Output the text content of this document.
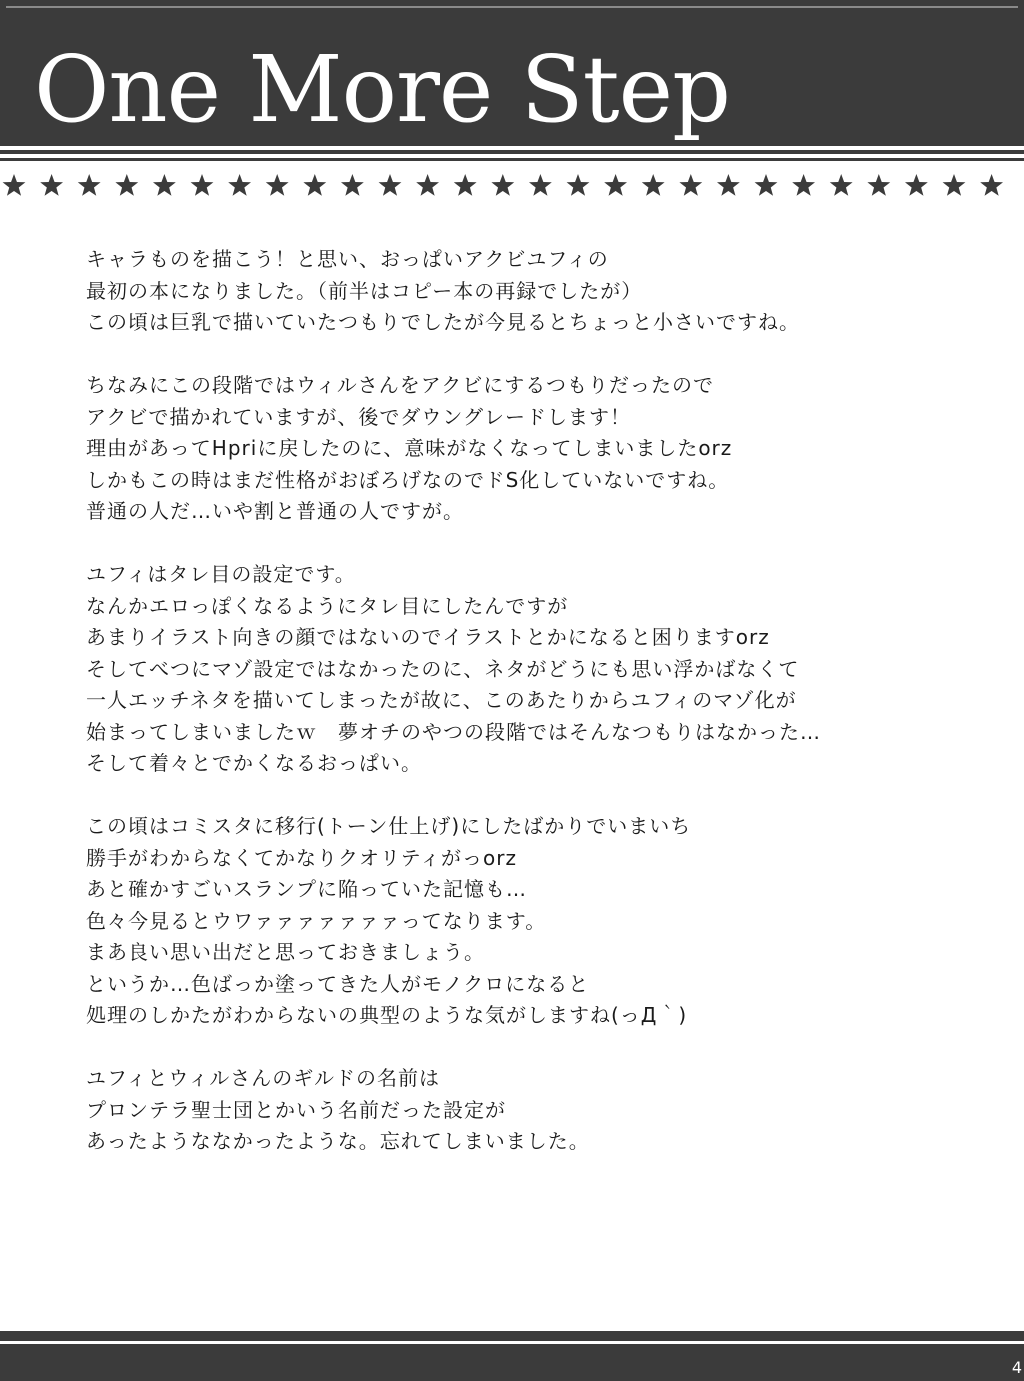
One More Step
キャラものを描こう！と思い、おっぱいアクビユフィの
最初の本になりました。（前半はコピー本の再録でしたが）
この頃は巨乳で描いていたつもりでしたが今見るとちょっと小さいですね。
ちなみにこの段階ではウィルさんをアクビにするつもりだったので
アクビで描かれていますが、後でダウングレードします！
理由があってHpriに戻したのに、意味がなくなってしまいましたorz
しかもこの時はまだ性格がおぼろげなのでドS化していないですね。
普通の人だ…いや割と普通の人ですが。
ユフィはタレ目の設定です。
なんかエロっぽくなるようにタレ目にしたんですが
あまりイラスト向きの顔ではないのでイラストとかになると困りますorz
そしてべつにマゾ設定ではなかったのに、ネタがどうにも思い浮かばなくて
一人エッチネタを描いてしまったが故に、このあたりからユフィのマゾ化が
始まってしまいましたｗ　夢オチのやつの段階ではそんなつもりはなかった…
そして着々とでかくなるおっぱい。
この頃はコミスタに移行(トーン仕上げ)にしたばかりでいまいち
勝手がわからなくてかなりクオリティがっorz
あと確かすごいスランプに陥っていた記憶も…
色々今見るとウワァァァァァァァってなります。
まあ良い思い出だと思っておきましょう。
というか…色ばっか塗ってきた人がモノクロになると
処理のしかたがわからないの典型のような気がしますね(っД｀)
ユフィとウィルさんのギルドの名前は
プロンテラ聖士団とかいう名前だった設定が
あったようななかったような。忘れてしまいました。
4
